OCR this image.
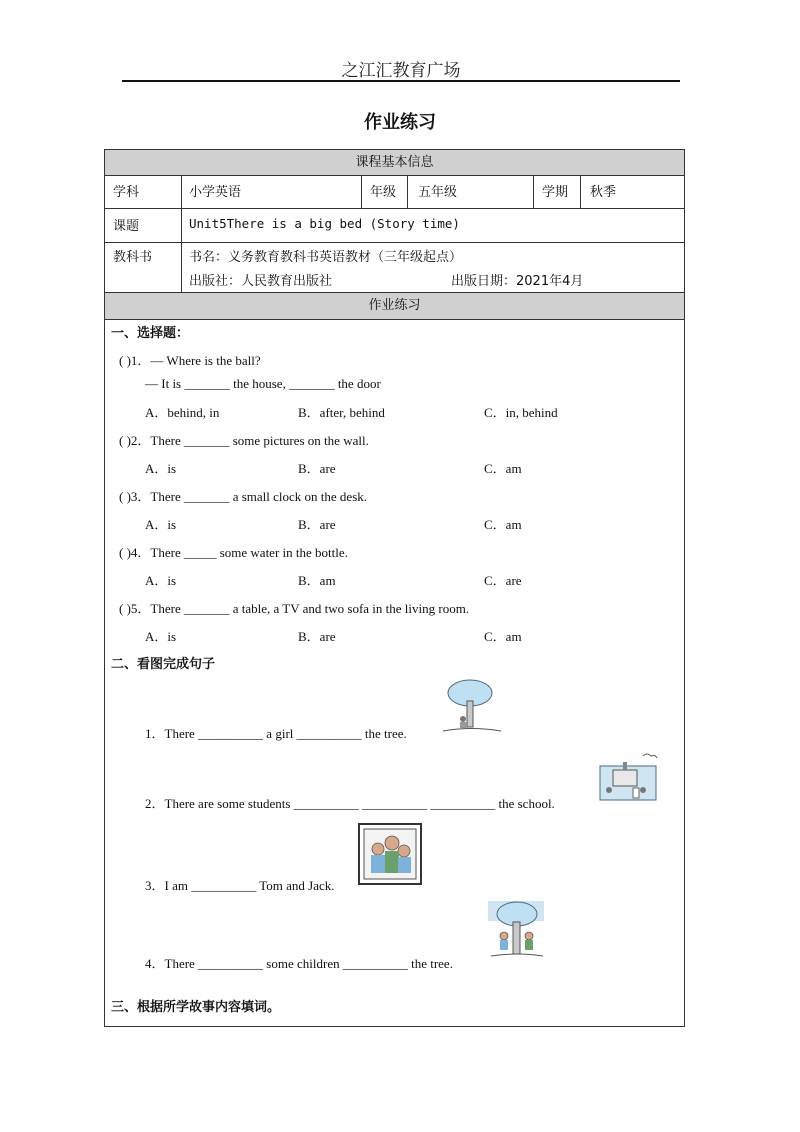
之江汇教育广场
作业练习
课程基本信息
学科	小学英语	年级 五年级	学期 秋季
课题	Unit5There is a big bed (Story time)
教科书	书名：义务教育教科书英语教材（三年级起点）
出版社：人民教育出版社	出版日期：2021年4月
作业练习
一、选择题：
( )1．— Where is the ball?
— It is _______ the house, _______ the door
A．behind, in	B．after, behind	C．in, behind
( )2．There _______ some pictures on the wall.
A．is	B．are	C．am
( )3．There _______ a small clock on the desk.
A．is	B．are	C．am
( )4．There _____ some water in the bottle.
A．is	B．am	C．are
( )5．There _______ a table, a TV and two sofa in the living room.
A．is	B．are	C．am
二、看图完成句子
1．There __________ a girl __________ the tree.
2．There are some students __________ __________ __________ the school.
3．I am __________ Tom and Jack.
4．There __________ some children __________ the tree.
三、根据所学故事内容填词。
